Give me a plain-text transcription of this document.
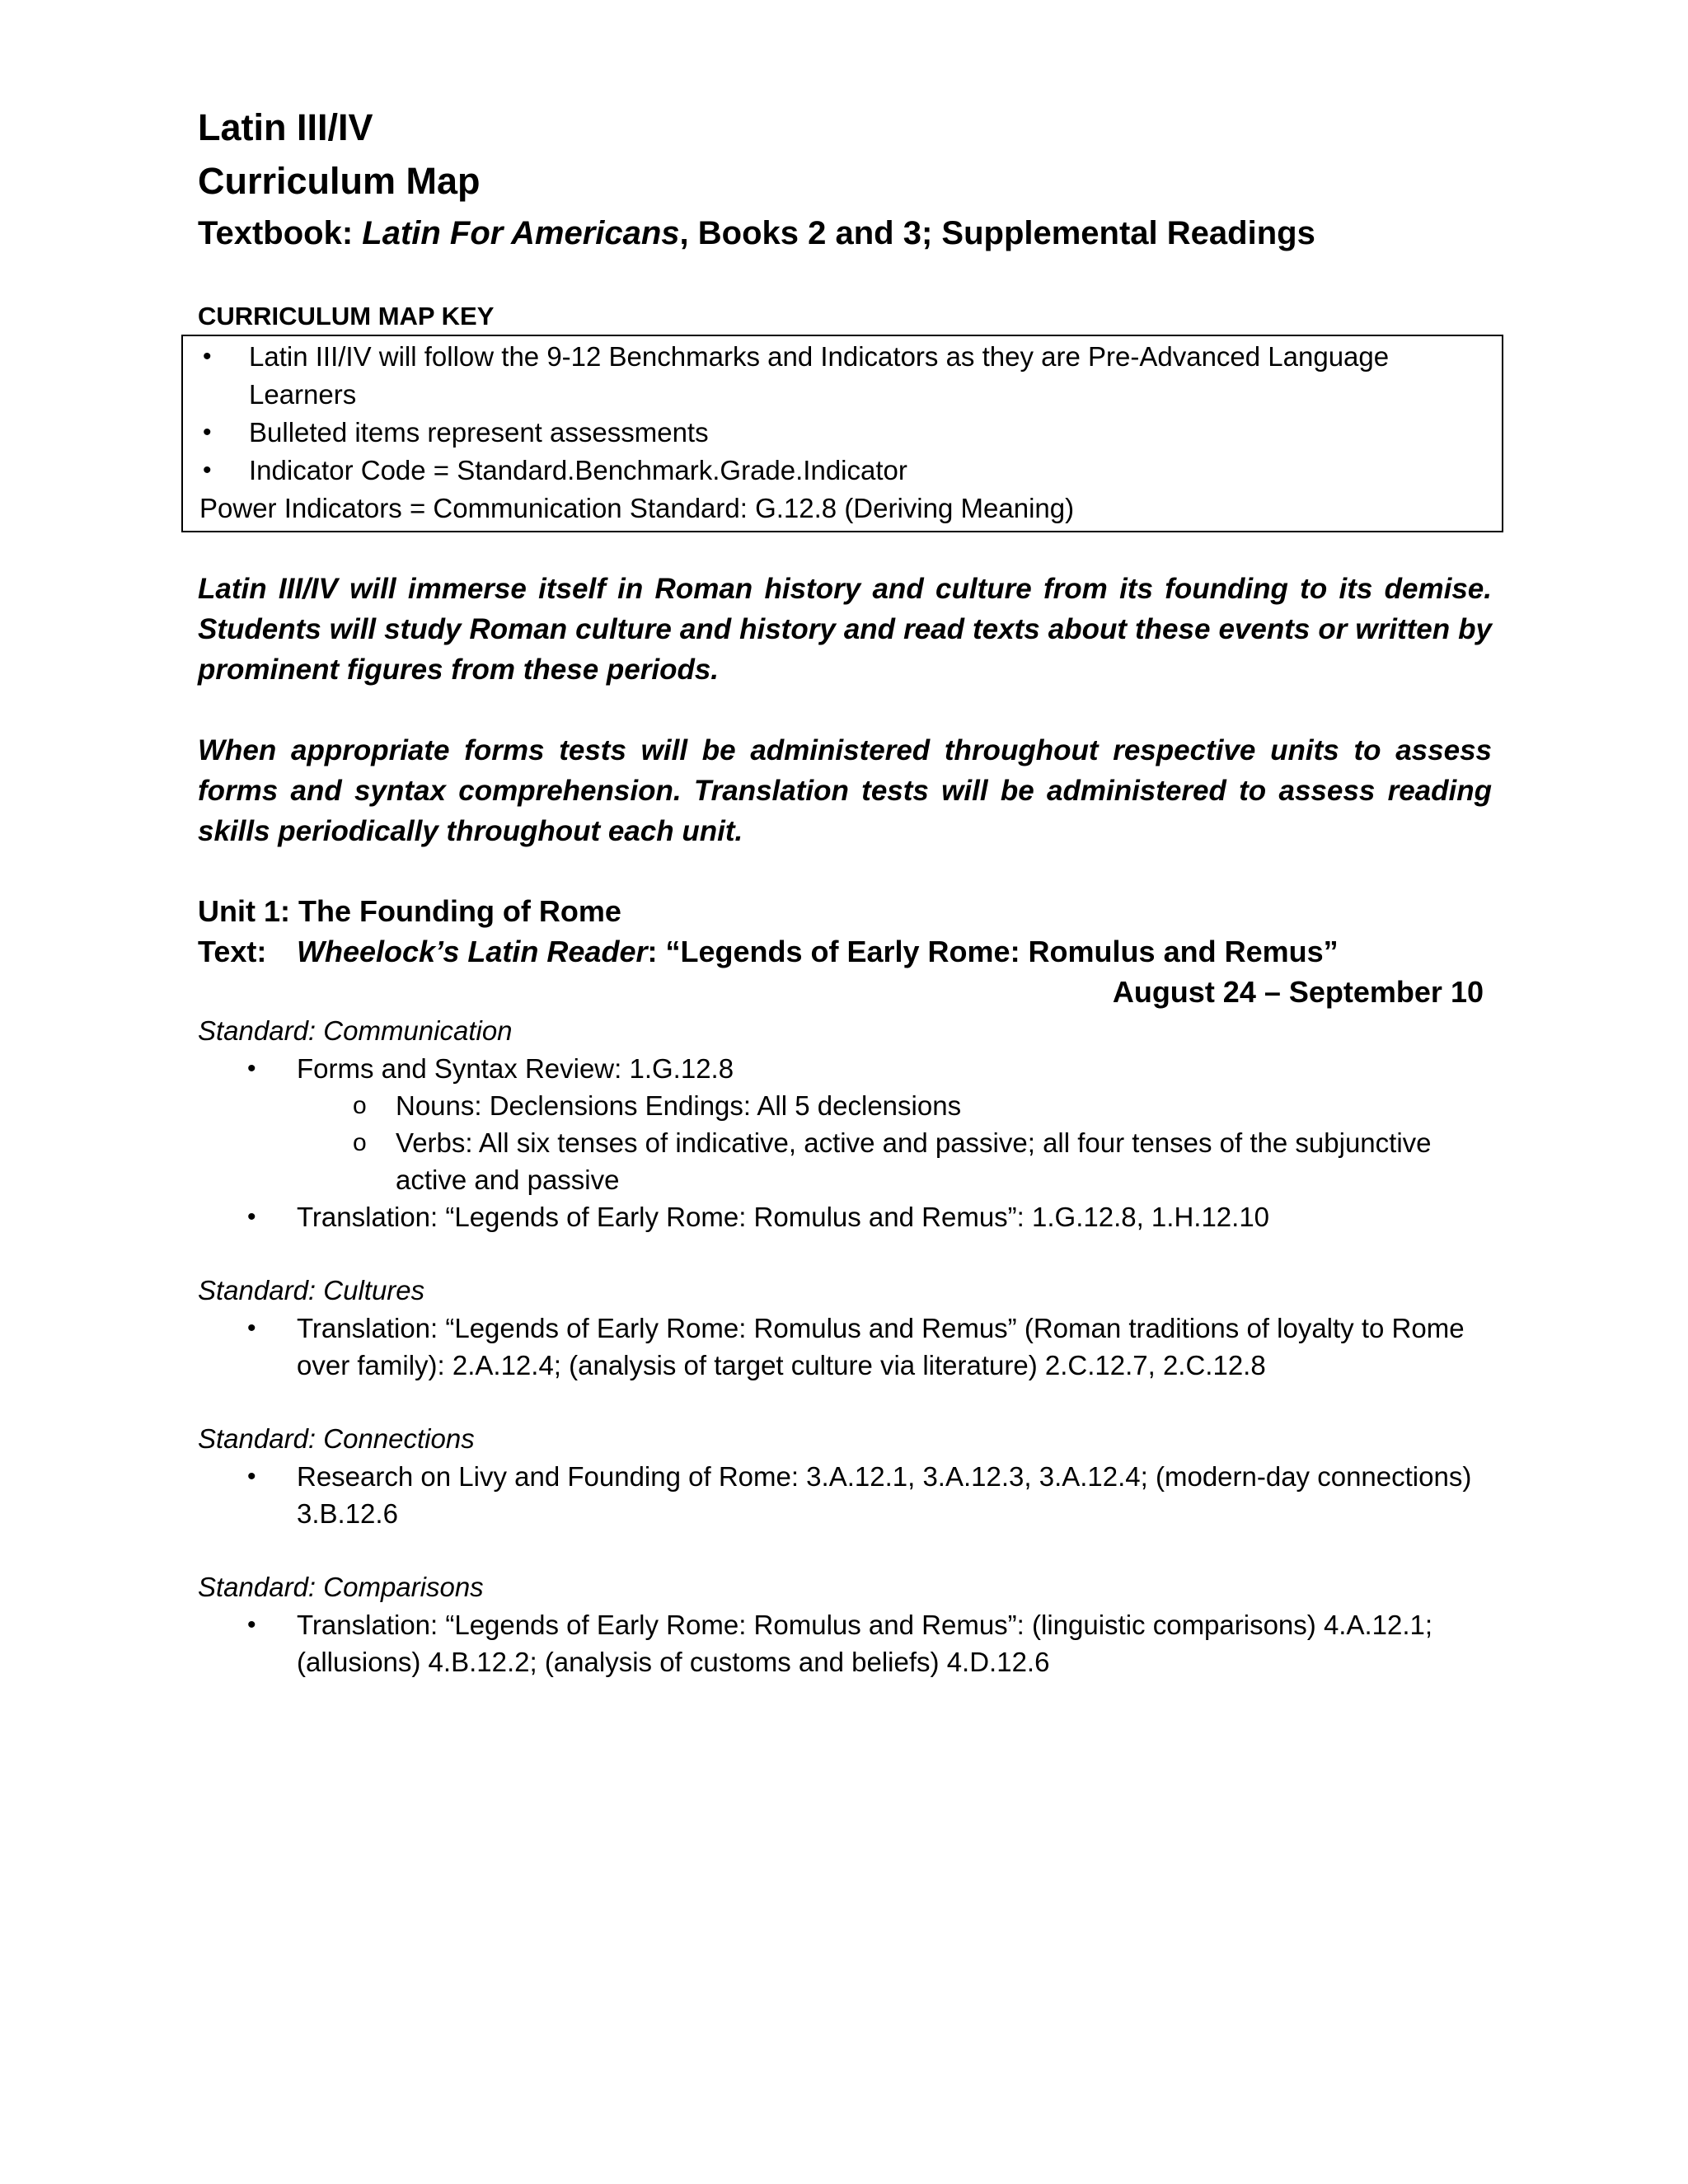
Latin III/IV
Curriculum Map
Textbook: Latin For Americans, Books 2 and 3; Supplemental Readings
CURRICULUM MAP KEY
• Latin III/IV will follow the 9-12 Benchmarks and Indicators as they are Pre-Advanced Language Learners
• Bulleted items represent assessments
• Indicator Code = Standard.Benchmark.Grade.Indicator
Power Indicators = Communication Standard: G.12.8 (Deriving Meaning)

Latin III/IV will immerse itself in Roman history and culture from its founding to its demise. Students will study Roman culture and history and read texts about these events or written by prominent figures from these periods.

When appropriate forms tests will be administered throughout respective units to assess forms and syntax comprehension. Translation tests will be administered to assess reading skills periodically throughout each unit.

Unit 1: The Founding of Rome
Text: Wheelock’s Latin Reader: “Legends of Early Rome: Romulus and Remus”
August 24 – September 10
Standard: Communication
• Forms and Syntax Review: 1.G.12.8
o Nouns: Declensions Endings: All 5 declensions
o Verbs: All six tenses of indicative, active and passive; all four tenses of the subjunctive active and passive
• Translation: “Legends of Early Rome: Romulus and Remus”: 1.G.12.8, 1.H.12.10
Standard: Cultures
• Translation: “Legends of Early Rome: Romulus and Remus” (Roman traditions of loyalty to Rome over family): 2.A.12.4; (analysis of target culture via literature) 2.C.12.7, 2.C.12.8
Standard: Connections
• Research on Livy and Founding of Rome: 3.A.12.1, 3.A.12.3, 3.A.12.4; (modern-day connections) 3.B.12.6
Standard: Comparisons
• Translation: “Legends of Early Rome: Romulus and Remus”: (linguistic comparisons) 4.A.12.1; (allusions) 4.B.12.2; (analysis of customs and beliefs) 4.D.12.6
